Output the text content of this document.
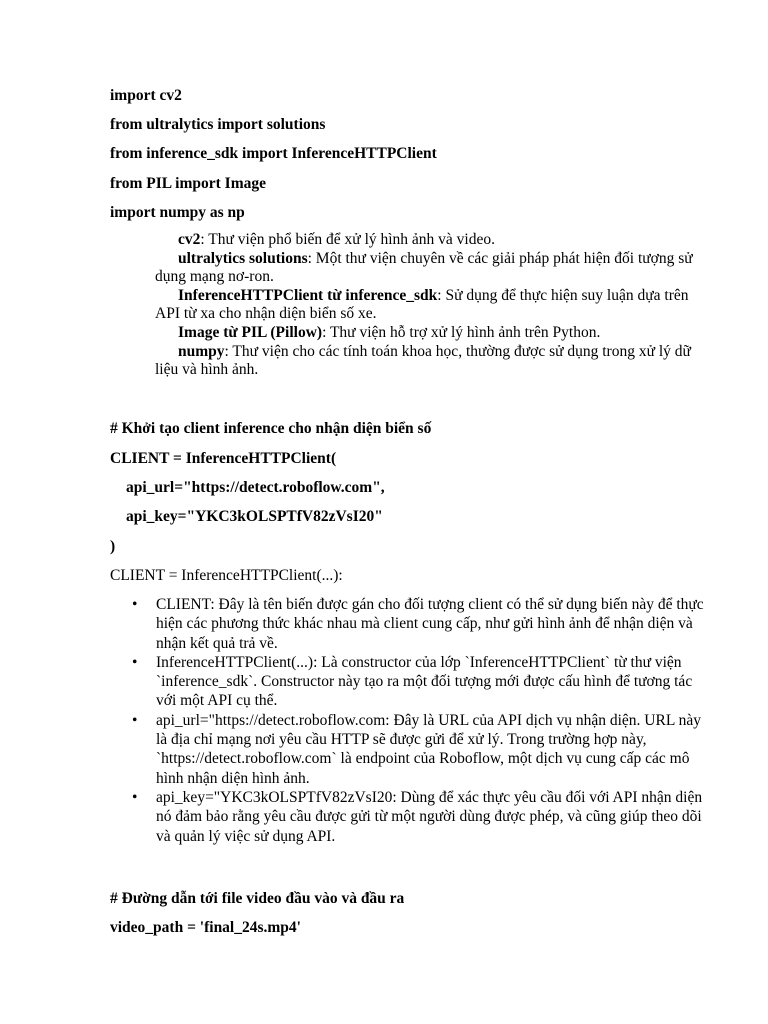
import cv2
from ultralytics import solutions
from inference_sdk import InferenceHTTPClient
from PIL import Image
import numpy as np

cv2: Thư viện phổ biến để xử lý hình ảnh và video.

ultralytics solutions: Một thư viện chuyên về các giải pháp phát hiện đối tượng sử dụng mạng nơ-ron.

InferenceHTTPClient từ inference_sdk: Sử dụng để thực hiện suy luận dựa trên API từ xa cho nhận diện biển số xe.

Image từ PIL (Pillow): Thư viện hỗ trợ xử lý hình ảnh trên Python.

numpy: Thư viện cho các tính toán khoa học, thường được sử dụng trong xử lý dữ liệu và hình ảnh.

# Khởi tạo client inference cho nhận diện biển số
CLIENT = InferenceHTTPClient(
api_url="https://detect.roboflow.com",
api_key="YKC3kOLSPTfV82zVsI20"
)
CLIENT = InferenceHTTPClient(...):
• CLIENT: Đây là tên biến được gán cho đối tượng client có thể sử dụng biến này để thực hiện các phương thức khác nhau mà client cung cấp, như gửi hình ảnh để nhận diện và nhận kết quả trả về.
• InferenceHTTPClient(...): Là constructor của lớp `InferenceHTTPClient` từ thư viện `inference_sdk`. Constructor này tạo ra một đối tượng mới được cấu hình để tương tác với một API cụ thể.
• api_url="https://detect.roboflow.com: Đây là URL của API dịch vụ nhận diện. URL này là địa chỉ mạng nơi yêu cầu HTTP sẽ được gửi để xử lý. Trong trường hợp này, `https://detect.roboflow.com` là endpoint của Roboflow, một dịch vụ cung cấp các mô hình nhận diện hình ảnh.
• api_key="YKC3kOLSPTfV82zVsI20: Dùng để xác thực yêu cầu đối với API nhận diện nó đảm bảo rằng yêu cầu được gửi từ một người dùng được phép, và cũng giúp theo dõi và quản lý việc sử dụng API.
# Đường dẫn tới file video đầu vào và đầu ra
video_path = 'final_24s.mp4'
